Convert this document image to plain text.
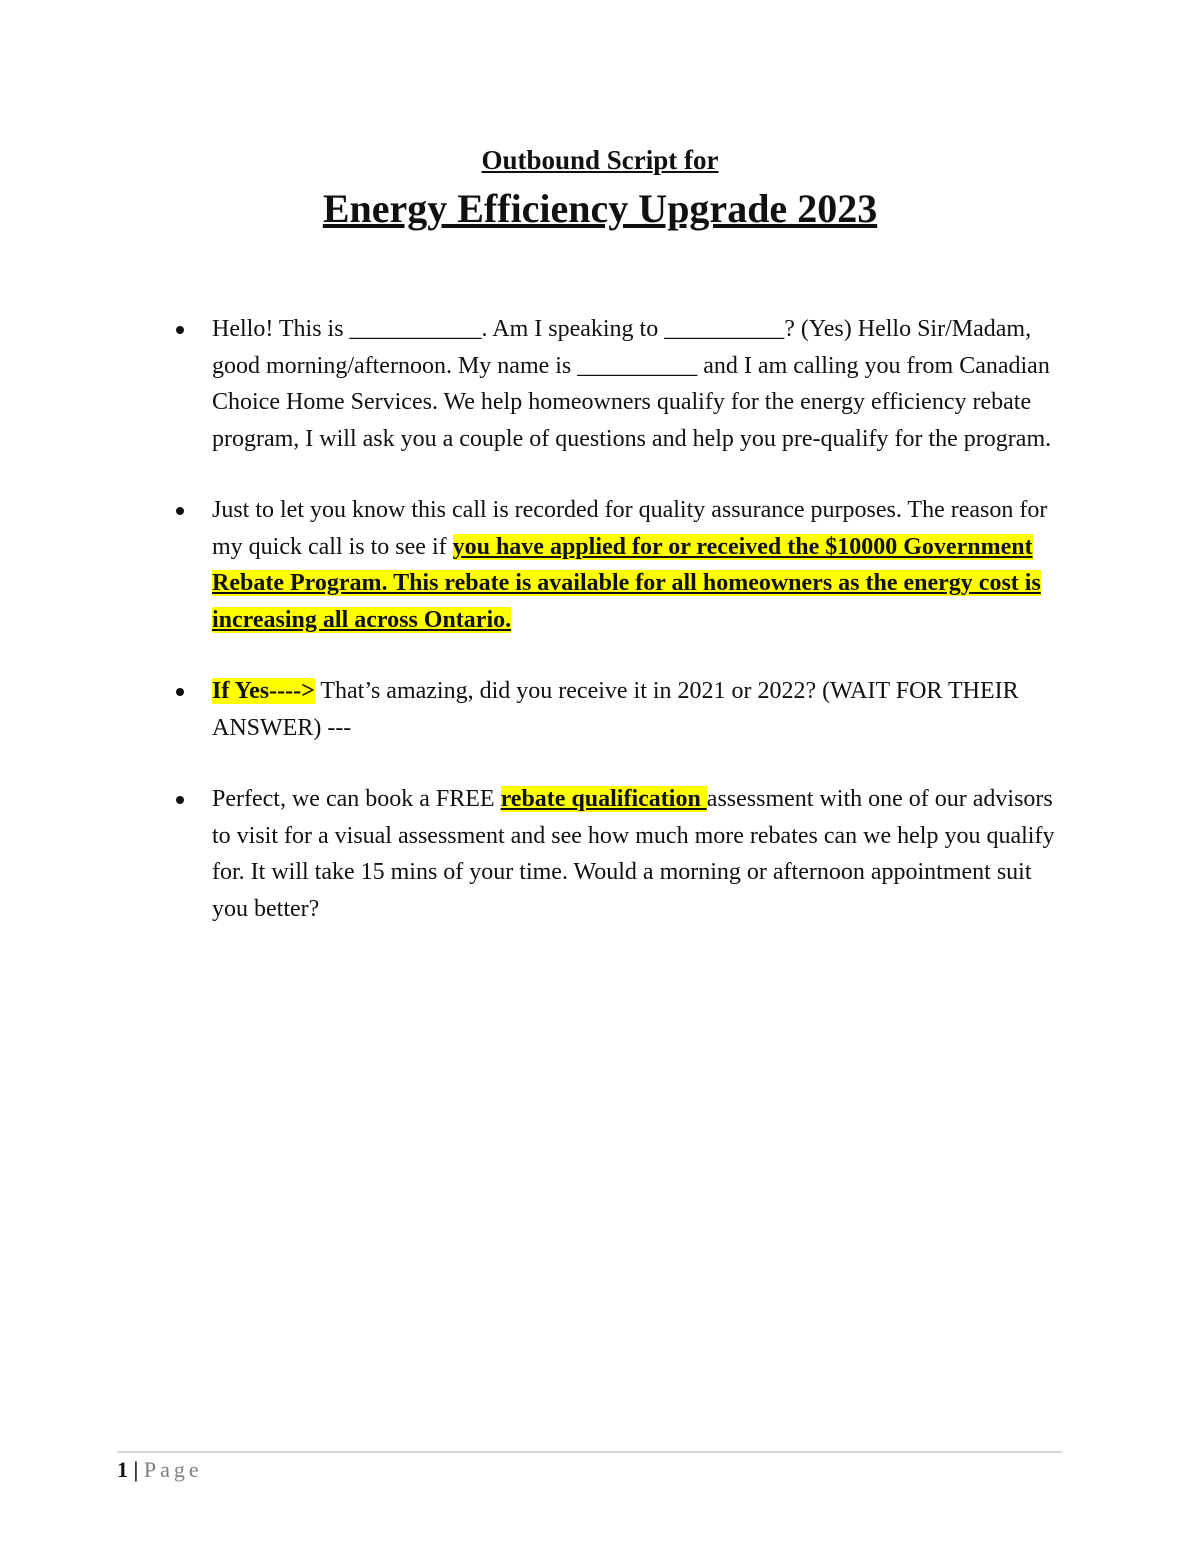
Outbound Script for

Energy Efficiency Upgrade 2023

Hello! This is ___________. Am I speaking to __________? (Yes) Hello Sir/Madam, good morning/afternoon. My name is __________ and I am calling you from Canadian Choice Home Services. We help homeowners qualify for the energy efficiency rebate program, I will ask you a couple of questions and help you pre-qualify for the program.
Just to let you know this call is recorded for quality assurance purposes. The reason for my quick call is to see if you have applied for or received the $10000 Government Rebate Program. This rebate is available for all homeowners as the energy cost is increasing all across Ontario.
If Yes----> That’s amazing, did you receive it in 2021 or 2022? (WAIT FOR THEIR ANSWER) ---
Perfect, we can book a FREE rebate qualification assessment with one of our advisors to visit for a visual assessment and see how much more rebates can we help you qualify for. It will take 15 mins of your time. Would a morning or afternoon appointment suit you better?
1 | Page
